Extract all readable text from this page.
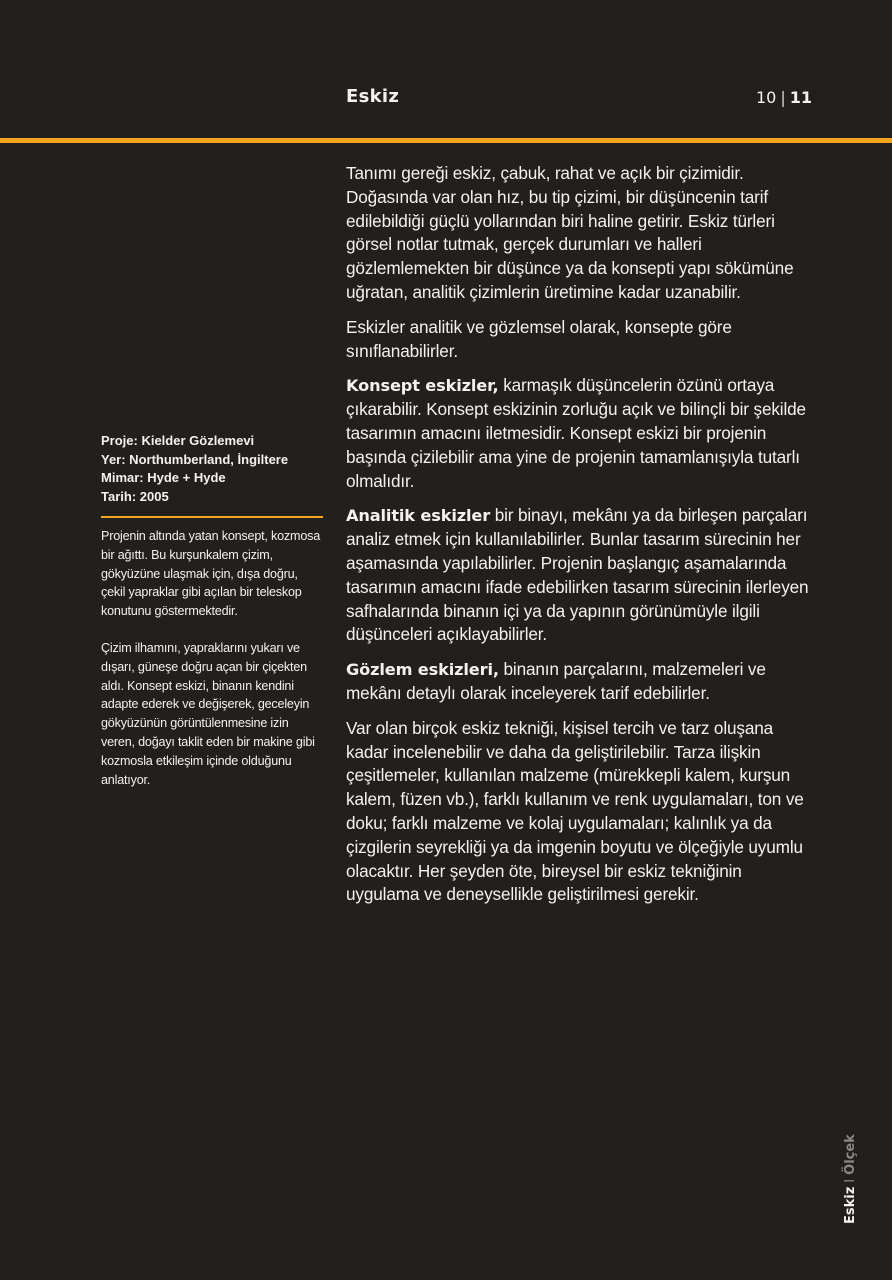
Eskiz	10 | 11
Proje: Kielder Gözlemevi
Yer: Northumberland, İngiltere
Mimar: Hyde + Hyde
Tarih: 2005

Projenin altında yatan konsept, kozmosa bir ağıttı. Bu kurşunkalem çizim, gökyüzüne ulaşmak için, dışa doğru, çekil yapraklar gibi açılan bir teleskop konutunu göstermektedir.

Çizim ilhamını, yapraklarını yukarı ve dışarı, güneşe doğru açan bir çiçekten aldı. Konsept eskizi, binanın kendini adapte ederek ve değişerek, geceleyin gökyüzünün görüntülenmesine izin veren, doğayı taklit eden bir makine gibi kozmosla etkileşim içinde olduğunu anlatıyor.

Tanımı gereği eskiz, çabuk, rahat ve açık bir çizimidir. Doğasında var olan hız, bu tip çizimi, bir düşüncenin tarif edilebildiği güçlü yollarından biri haline getirir. Eskiz türleri görsel notlar tutmak, gerçek durumları ve halleri gözlemlemekten bir düşünce ya da konsepti yapı sökümüne uğratan, analitik çizimlerin üretimine kadar uzanabilir.

Eskizler analitik ve gözlemsel olarak, konsepte göre sınıflanabilirler.

Konsept eskizler, karmaşık düşüncelerin özünü ortaya çıkarabilir. Konsept eskizinin zorluğu açık ve bilinçli bir şekilde tasarımın amacını iletmesidir. Konsept eskizi bir projenin başında çizilebilir ama yine de projenin tamamlanışıyla tutarlı olmalıdır.

Analitik eskizler bir binayı, mekânı ya da birleşen parçaları analiz etmek için kullanılabilirler. Bunlar tasarım sürecinin her aşamasında yapılabilirler. Projenin başlangıç aşamalarında tasarımın amacını ifade edebilirken tasarım sürecinin ilerleyen safhalarında binanın içi ya da yapının görünümüyle ilgili düşünceleri açıklayabilirler.

Gözlem eskizleri, binanın parçalarını, malzemeleri ve mekânı detaylı olarak inceleyerek tarif edebilirler.

Var olan birçok eskiz tekniği, kişisel tercih ve tarz oluşana kadar incelenebilir ve daha da geliştirilebilir. Tarza ilişkin çeşitlemeler, kullanılan malzeme (mürekkepli kalem, kurşun kalem, füzen vb.), farklı kullanım ve renk uygulamaları, ton ve doku; farklı malzeme ve kolaj uygulamaları; kalınlık ya da çizgilerin seyrekliği ya da imgenin boyutu ve ölçeğiyle uyumlu olacaktır. Her şeyden öte, bireysel bir eskiz tekniğinin uygulama ve deneysellikle geliştirilmesi gerekir.

EskizIÖlçek
